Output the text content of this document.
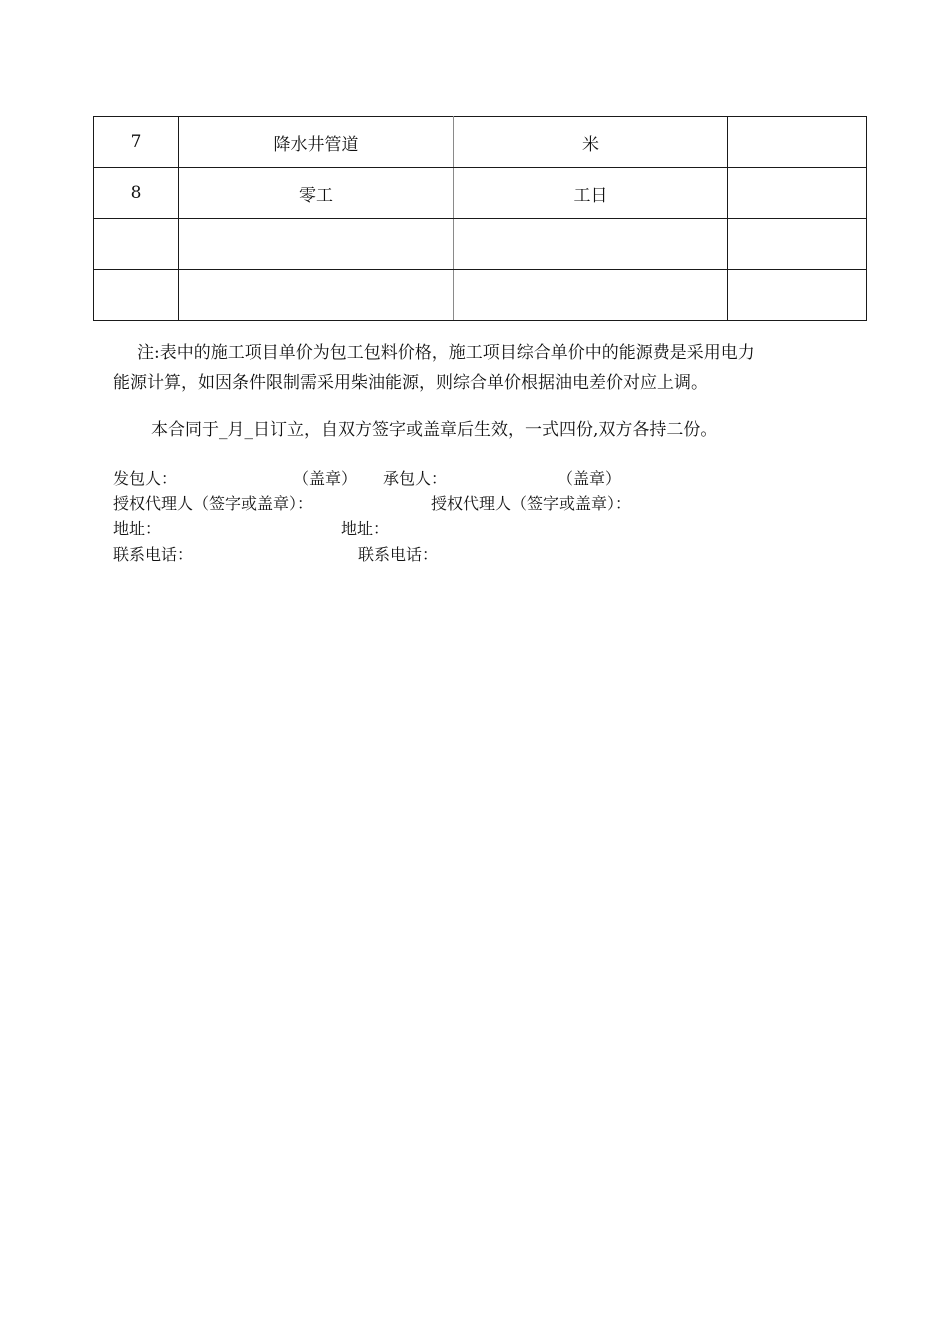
7	降水井管道	米	
8	零工	工日	

注:表中的施工项目单价为包工包料价格，施工项目综合单价中的能源费是采用电力
能源计算，如因条件限制需采用柴油能源，则综合单价根据油电差价对应上调。
本合同于_月_日订立，自双方签字或盖章后生效，一式四份,双方各持二份。
发包人：	（盖章） 承包人：	（盖章）
授权代理人（签字或盖章）：	授权代理人（签字或盖章）：
地址：	地址：
联系电话：	联系电话：
